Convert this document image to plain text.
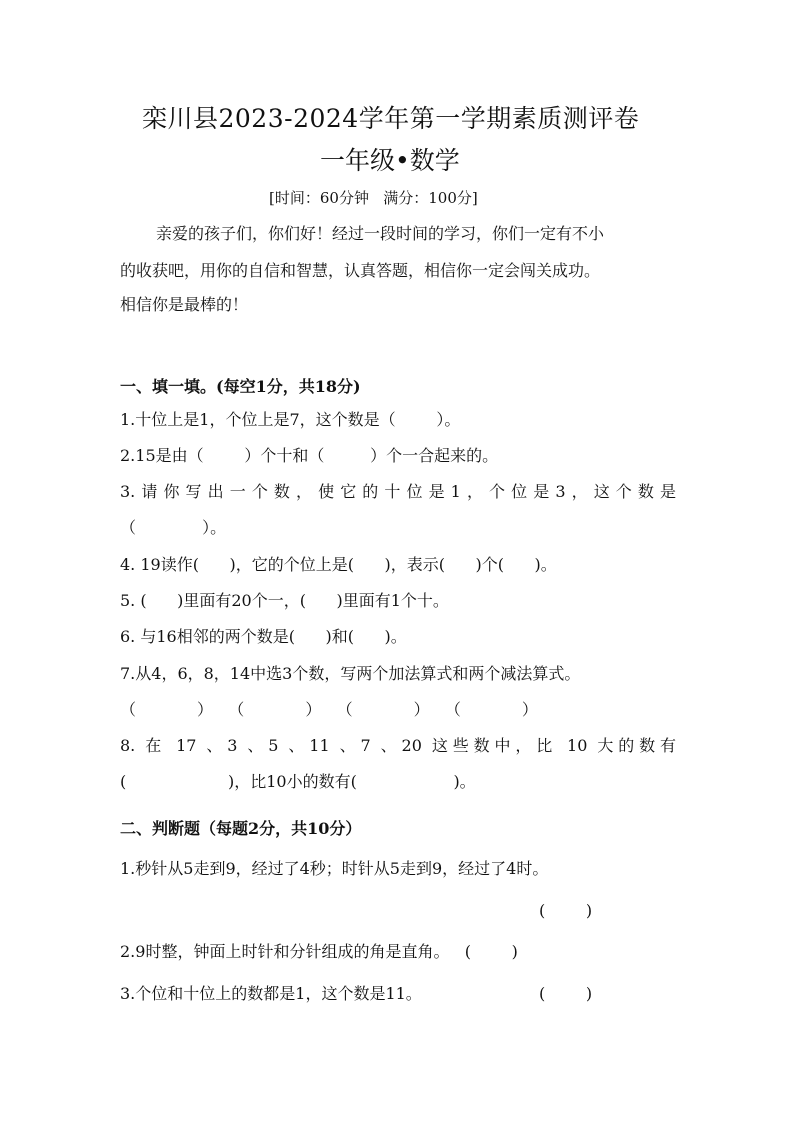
栾川县2023-2024学年第一学期素质测评卷
一年级•数学
[时间：60分钟   满分：100分]
亲爱的孩子们，你们好！经过一段时间的学习，你们一定有不小
的收获吧，用你的自信和智慧，认真答题，相信你一定会闯关成功。
相信你是最棒的！
一、填一填。(每空1分，共18分)
1.十位上是1，个位上是7，这个数是（        ）。
2.15是由（        ）个十和（         ）个一合起来的。
3.请你写出一个数，使它的十位是1，个位是3，这个数是
（             ）。
4. 19读作(      )，它的个位上是(      )，表示(      )个(      )。
5. (      )里面有20个一，(      )里面有1个十。
6. 与16相邻的两个数是(      )和(      )。
7.从4，6，8，14中选3个数，写两个加法算式和两个减法算式。
（            ）   （            ）   （            ）   （            ）
8. 在 17 、3 、5 、11 、7 、20 这些数中，比 10 大的数有
(                    )，比10小的数有(                   )。
二、判断题（每题2分，共10分）
1.秒针从5走到9，经过了4秒；时针从5走到9，经过了4时。
(        )
2.9时整，钟面上时针和分针组成的角是直角。   (        )
3.个位和十位上的数都是1，这个数是11。	(        )
